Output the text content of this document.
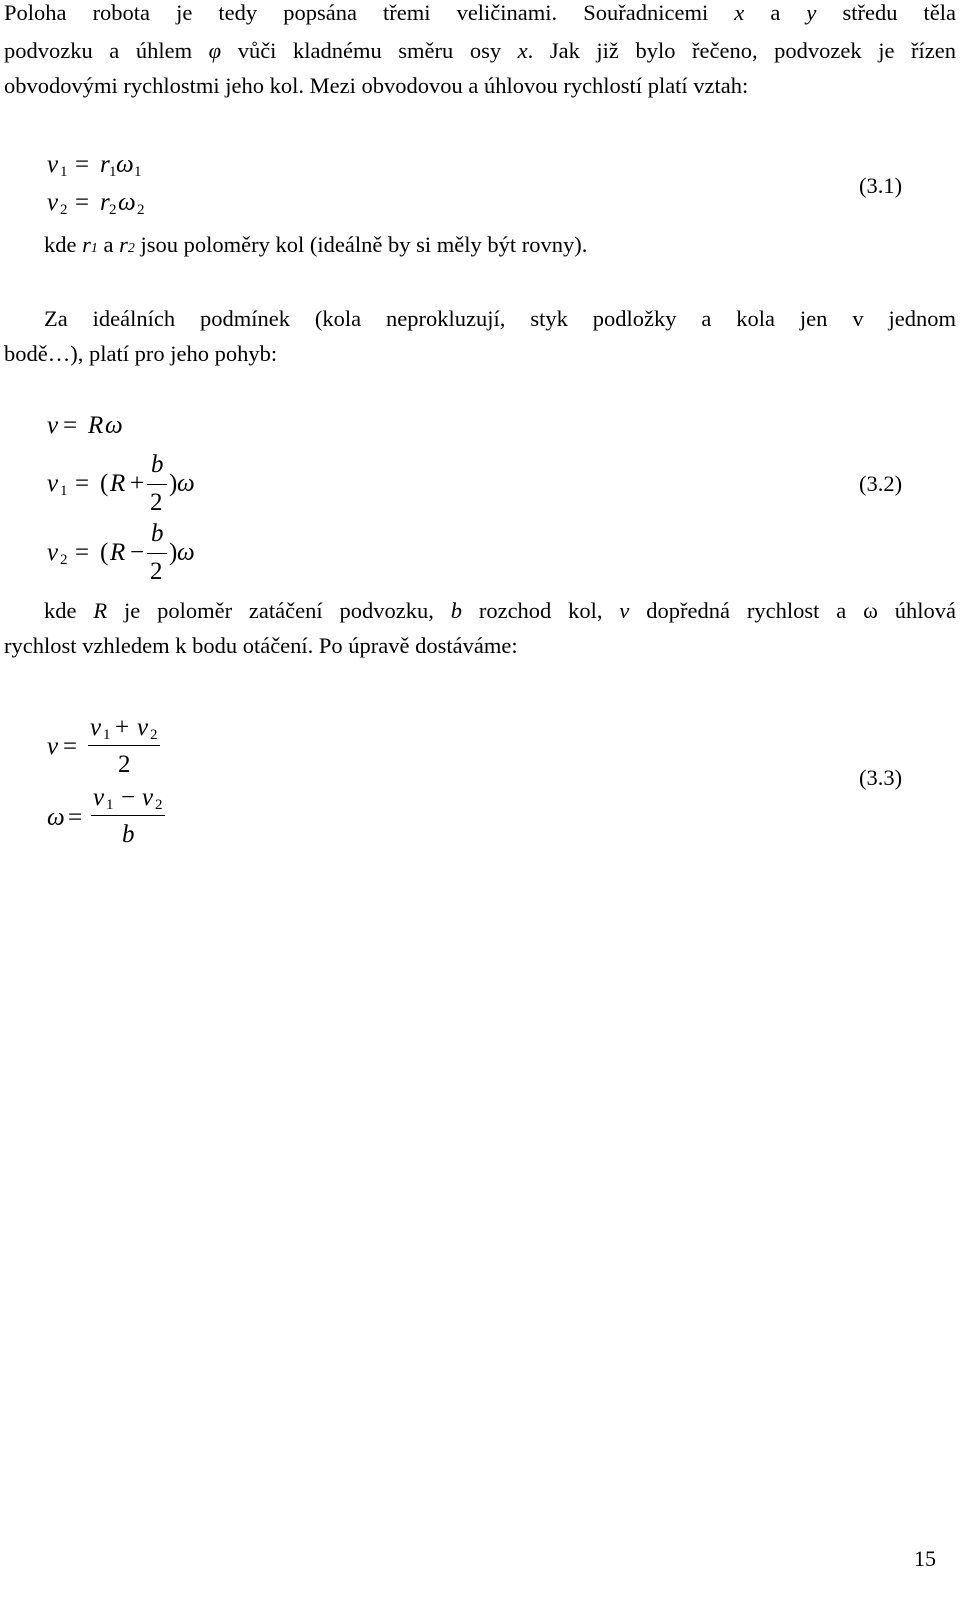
Poloha robota je tedy popsána třemi veličinami. Souřadnicemi x a y středu těla
podvozku a úhlem φ vůči kladnému směru osy x. Jak již bylo řečeno, podvozek je řízen
obvodovými rychlostmi jeho kol. Mezi obvodovou a úhlovou rychlostí platí vztah:
v 1 = r 1 ω 1
v 2 = r 2 ω 2
(3.1)
kde r1 a r2 jsou poloměry kol (ideálně by si měly být rovny).
Za ideálních podmínek (kola neprokluzují, styk podložky a kola jen v jednom
bodě…), platí pro jeho pohyb:
v = R ω
v 1 = ( R +
b
2
) ω
v 2 = ( R −
b
2
) ω
(3.2)
kde R je poloměr zatáčení podvozku, b rozchod kol, v dopředná rychlost a ω úhlová
rychlost vzhledem k bodu otáčení. Po úpravě dostáváme:
v =
v 1 + v 2
2
ω =
v 1 − v 2
b
(3.3)
15
